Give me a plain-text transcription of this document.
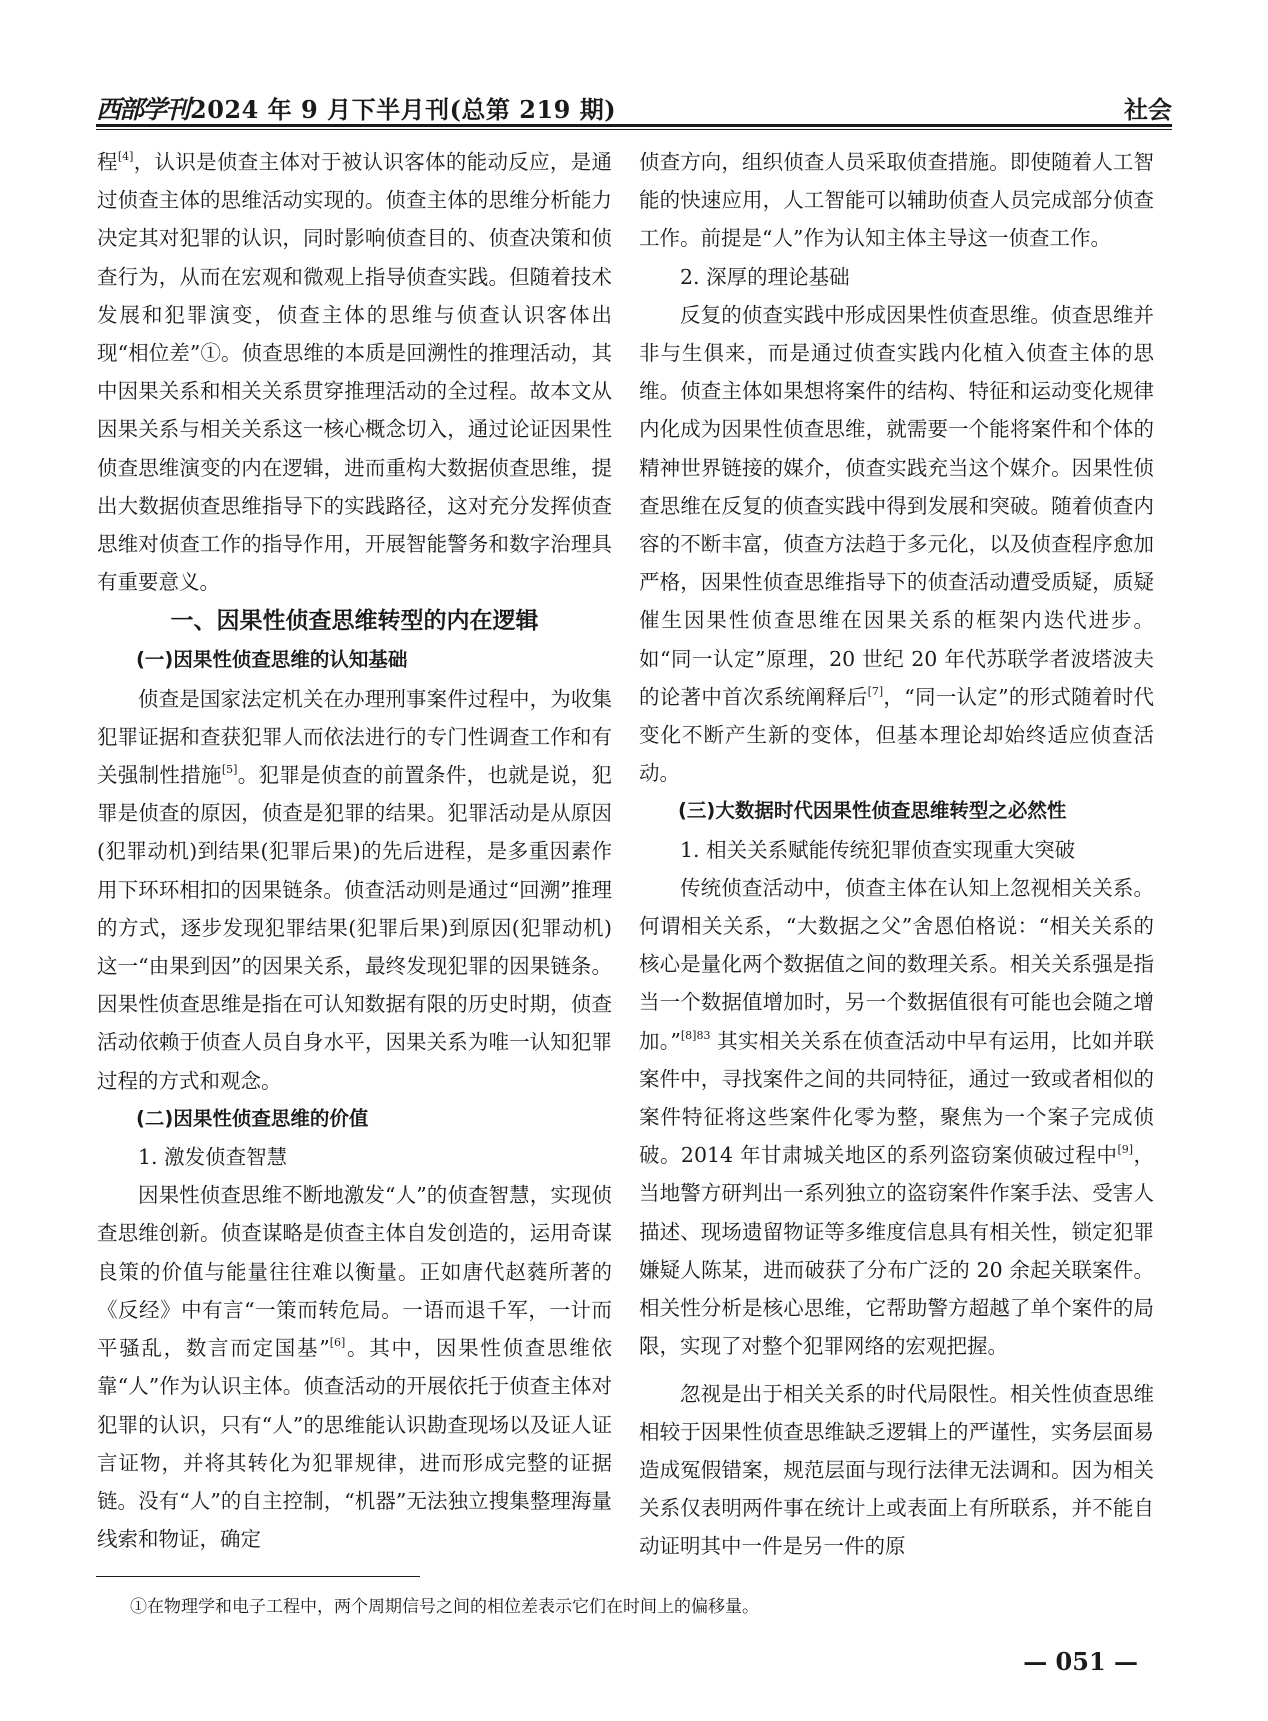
西部学刊2024 年 9 月下半月刊(总第 219 期)	社会

程[4]，认识是侦查主体对于被认识客体的能动反应，是通过侦查主体的思维活动实现的。侦查主体的思维分析能力决定其对犯罪的认识，同时影响侦查目的、侦查决策和侦查行为，从而在宏观和微观上指导侦查实践。但随着技术发展和犯罪演变，侦查主体的思维与侦查认识客体出现“相位差”①。侦查思维的本质是回溯性的推理活动，其中因果关系和相关关系贯穿推理活动的全过程。故本文从因果关系与相关关系这一核心概念切入，通过论证因果性侦查思维演变的内在逻辑，进而重构大数据侦查思维，提出大数据侦查思维指导下的实践路径，这对充分发挥侦查思维对侦查工作的指导作用，开展智能警务和数字治理具有重要意义。

一、因果性侦查思维转型的内在逻辑

(一)因果性侦查思维的认知基础

侦查是国家法定机关在办理刑事案件过程中，为收集犯罪证据和查获犯罪人而依法进行的专门性调查工作和有关强制性措施[5]。犯罪是侦查的前置条件，也就是说，犯罪是侦查的原因，侦查是犯罪的结果。犯罪活动是从原因(犯罪动机)到结果(犯罪后果)的先后进程，是多重因素作用下环环相扣的因果链条。侦查活动则是通过“回溯”推理的方式，逐步发现犯罪结果(犯罪后果)到原因(犯罪动机)这一“由果到因”的因果关系，最终发现犯罪的因果链条。因果性侦查思维是指在可认知数据有限的历史时期，侦查活动依赖于侦查人员自身水平，因果关系为唯一认知犯罪过程的方式和观念。

(二)因果性侦查思维的价值

1. 激发侦查智慧

因果性侦查思维不断地激发“人”的侦查智慧，实现侦查思维创新。侦查谋略是侦查主体自发创造的，运用奇谋良策的价值与能量往往难以衡量。正如唐代赵蕤所著的《反经》中有言“一策而转危局。一语而退千军，一计而平骚乱，数言而定国基”[6]。其中，因果性侦查思维依靠“人”作为认识主体。侦查活动的开展依托于侦查主体对犯罪的认识，只有“人”的思维能认识勘查现场以及证人证言证物，并将其转化为犯罪规律，进而形成完整的证据链。没有“人”的自主控制，“机器”无法独立搜集整理海量线索和物证，确定

侦查方向，组织侦查人员采取侦查措施。即使随着人工智能的快速应用，人工智能可以辅助侦查人员完成部分侦查工作。前提是“人”作为认知主体主导这一侦查工作。

2. 深厚的理论基础

反复的侦查实践中形成因果性侦查思维。侦查思维并非与生俱来，而是通过侦查实践内化植入侦查主体的思维。侦查主体如果想将案件的结构、特征和运动变化规律内化成为因果性侦查思维，就需要一个能将案件和个体的精神世界链接的媒介，侦查实践充当这个媒介。因果性侦查思维在反复的侦查实践中得到发展和突破。随着侦查内容的不断丰富，侦查方法趋于多元化，以及侦查程序愈加严格，因果性侦查思维指导下的侦查活动遭受质疑，质疑催生因果性侦查思维在因果关系的框架内迭代进步。如“同一认定”原理，20 世纪 20 年代苏联学者波塔波夫的论著中首次系统阐释后[7]，“同一认定”的形式随着时代变化不断产生新的变体，但基本理论却始终适应侦查活动。

(三)大数据时代因果性侦查思维转型之必然性

1. 相关关系赋能传统犯罪侦查实现重大突破

传统侦查活动中，侦查主体在认知上忽视相关关系。何谓相关关系，“大数据之父”舍恩伯格说：“相关关系的核心是量化两个数据值之间的数理关系。相关关系强是指当一个数据值增加时，另一个数据值很有可能也会随之增加。”$^{[8]83}$ 其实相关关系在侦查活动中早有运用，比如并联案件中，寻找案件之间的共同特征，通过一致或者相似的案件特征将这些案件化零为整，聚焦为一个案子完成侦破。2014 年甘肃城关地区的系列盗窃案侦破过程中[9]，当地警方研判出一系列独立的盗窃案件作案手法、受害人描述、现场遗留物证等多维度信息具有相关性，锁定犯罪嫌疑人陈某，进而破获了分布广泛的 20 余起关联案件。相关性分析是核心思维，它帮助警方超越了单个案件的局限，实现了对整个犯罪网络的宏观把握。

忽视是出于相关关系的时代局限性。相关性侦查思维相较于因果性侦查思维缺乏逻辑上的严谨性，实务层面易造成冤假错案，规范层面与现行法律无法调和。因为相关关系仅表明两件事在统计上或表面上有所联系，并不能自动证明其中一件是另一件的原

①在物理学和电子工程中，两个周期信号之间的相位差表示它们在时间上的偏移量。
— 051 —
